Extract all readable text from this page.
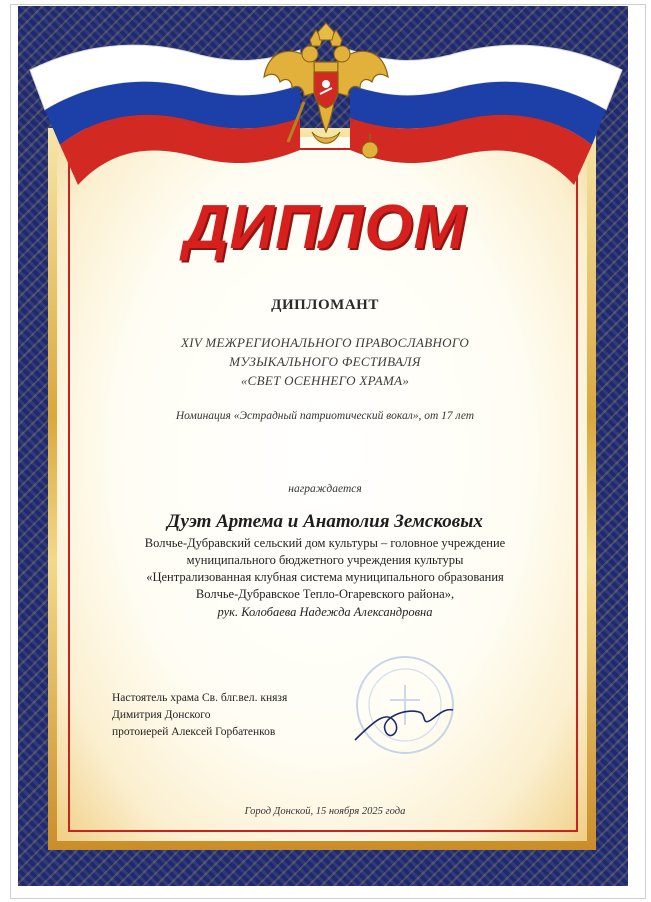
ДИПЛОМ
ДИПЛОМАНТ
XIV МЕЖРЕГИОНАЛЬНОГО ПРАВОСЛАВНОГО
МУЗЫКАЛЬНОГО ФЕСТИВАЛЯ
«СВЕТ ОСЕННЕГО ХРАМА»
Номинация «Эстрадный патриотический вокал», от 17 лет
награждается
Дуэт Артема и Анатолия Земсковых
Волчье-Дубравский сельский дом культуры – головное учреждение
муниципального бюджетного учреждения культуры
«Централизованная клубная система муниципального образования
Волчье-Дубравское Тепло-Огаревского района»,
рук. Колобаева Надежда Александровна
Настоятель храма Св. блг.вел. князя
Димитрия Донского
протоиерей Алексей Горбатенков
Город Донской, 15 ноября 2025 года
